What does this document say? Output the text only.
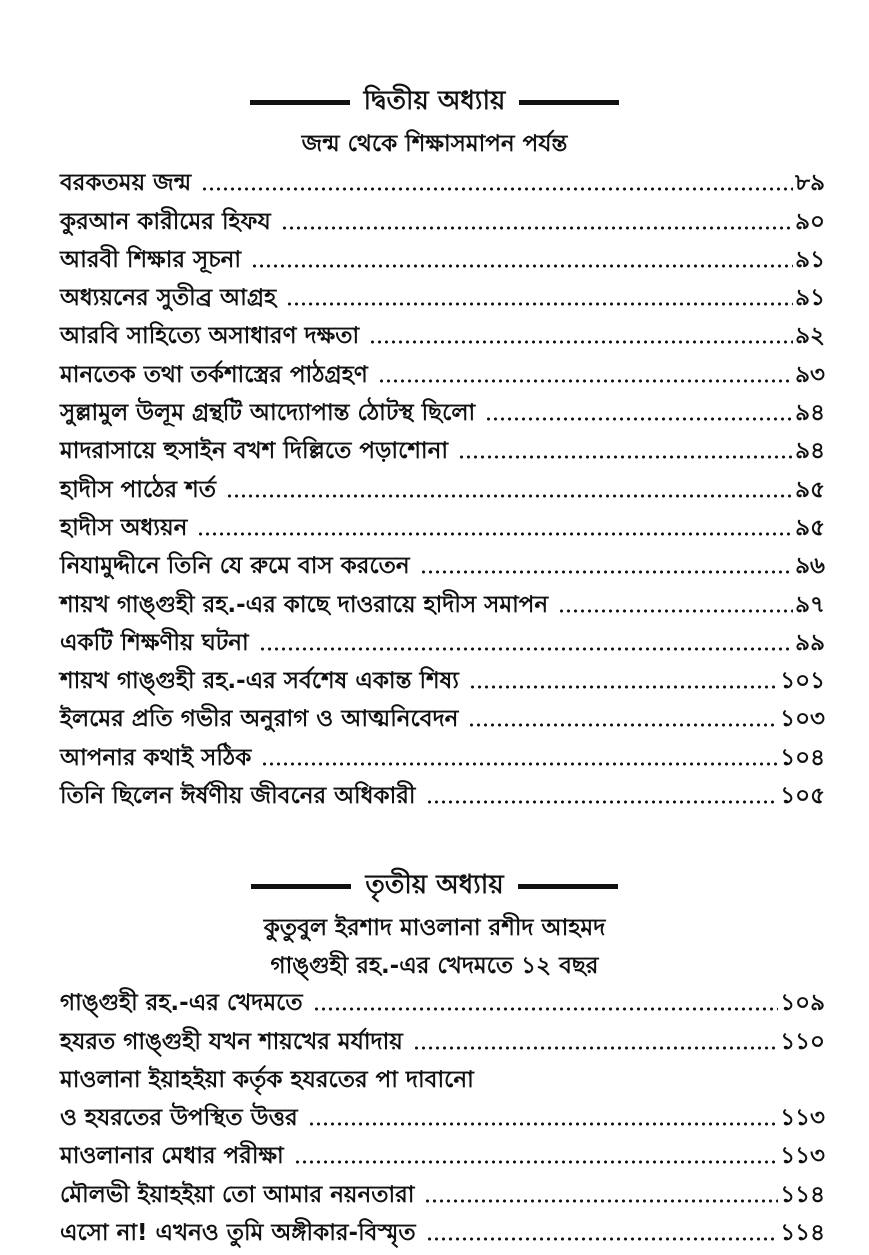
দ্বিতীয় অধ্যায়
জন্ম থেকে শিক্ষাসমাপন পর্যন্ত
বরকতময় জন্ম	৮৯
কুরআন কারীমের হিফয	৯০
আরবী শিক্ষার সূচনা	৯১
অধ্যয়নের সুতীব্র আগ্রহ	৯১
আরবি সাহিত্যে অসাধারণ দক্ষতা	৯২
মানতেক তথা তর্কশাস্ত্রের পাঠগ্রহণ	৯৩
সুল্লামুল উলূম গ্রন্থটি আদ্যোপান্ত ঠোটস্থ ছিলো	৯৪
মাদরাসায়ে হুসাইন বখশ দিল্লিতে পড়াশোনা	৯৪
হাদীস পাঠের শর্ত	৯৫
হাদীস অধ্যয়ন	৯৫
নিযামুদ্দীনে তিনি যে রুমে বাস করতেন	৯৬
শায়খ গাঙ্গুহী রহ.-এর কাছে দাওরায়ে হাদীস সমাপন	৯৭
একটি শিক্ষণীয় ঘটনা	৯৯
শায়খ গাঙ্গুহী রহ.-এর সর্বশেষ একান্ত শিষ্য	১০১
ইলমের প্রতি গভীর অনুরাগ ও আত্মনিবেদন	১০৩
আপনার কথাই সঠিক	১০৪
তিনি ছিলেন ঈর্ষণীয় জীবনের অধিকারী	১০৫
তৃতীয় অধ্যায়
কুতুবুল ইরশাদ মাওলানা রশীদ আহমদ
গাঙ্গুহী রহ.-এর খেদমতে ১২ বছর
গাঙ্গুহী রহ.-এর খেদমতে	১০৯
হযরত গাঙ্গুহী যখন শায়খের মর্যাদায়	১১০
মাওলানা ইয়াহইয়া কর্তৃক হযরতের পা দাবানো
ও হযরতের উপস্থিত উত্তর	১১৩
মাওলানার মেধার পরীক্ষা	১১৩
মৌলভী ইয়াহইয়া তো আমার নয়নতারা	১১৪
এসো না! এখনও তুমি অঙ্গীকার-বিস্মৃত	১১৪
